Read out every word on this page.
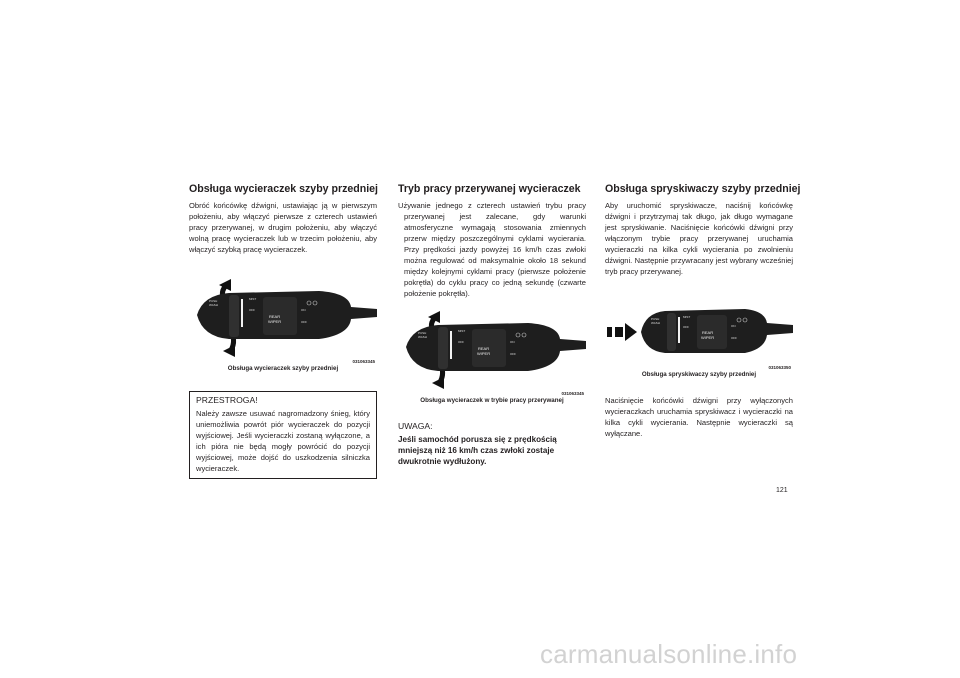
Obsługa wycieraczek szyby przedniej

Obróć końcówkę dźwigni, ustawiając ją w pierwszym położeniu, aby włączyć pierwsze z czterech ustawień pracy przerywanej, w drugim położeniu, aby włączyć wolną pracę wycieraczek lub w trzecim położeniu, aby włączyć szybką pracę wycieraczek.

PUSH
WASH
MIST
OFF
REAR
WIPER
ON
OFF
031063345
Obsługa wycieraczek szyby przedniej
PRZESTROGA!

Należy zawsze usuwać nagromadzony śnieg, który uniemożliwia powrót piór wycieraczek do pozycji wyjściowej. Jeśli wycieraczki zostaną wyłączone, a ich pióra nie będą mogły powrócić do pozycji wyjściowej, może dojść do uszkodzenia silniczka wycieraczek.

Tryb pracy przerywanej wycieraczek

Używanie jednego z czterech ustawień trybu pracy przerywanej jest zalecane, gdy warunki atmosferyczne wymagają stosowania zmiennych przerw między poszczególnymi cyklami wycierania. Przy prędkości jazdy powyżej 16 km/h czas zwłoki można regulować od maksymalnie około 18 sekund między kolejnymi cyklami pracy (pierwsze położenie pokrętła) do cyklu pracy co jedną sekundę (czwarte położenie pokrętła).

PUSH
WASH
MIST
OFF
REAR
WIPER
ON
OFF
031063345
Obsługa wycieraczek w trybie pracy przerywanej
UWAGA:

Jeśli samochód porusza się z prędkością mniejszą niż 16 km/h czas zwłoki zostaje dwukrotnie wydłużony.

Obsługa spryskiwaczy szyby przedniej

Aby uruchomić spryskiwacze, naciśnij końcówkę dźwigni i przytrzymaj tak długo, jak długo wymagane jest spryskiwanie. Naciśnięcie końcówki dźwigni przy włączonym trybie pracy przerywanej uruchamia wycieraczki na kilka cykli wycierania po zwolnieniu dźwigni. Następnie przywracany jest wybrany wcześniej tryb pracy przerywanej.

PUSH
WASH
MIST
OFF
REAR
WIPER
ON
OFF
031063350
Obsługa spryskiwaczy szyby przedniej

Naciśnięcie końcówki dźwigni przy wyłączonych wycieraczkach uruchamia spryskiwacz i wycieraczki na kilka cykli wycierania. Następnie wycieraczki są wyłączane.

121
carmanualsonline.info
